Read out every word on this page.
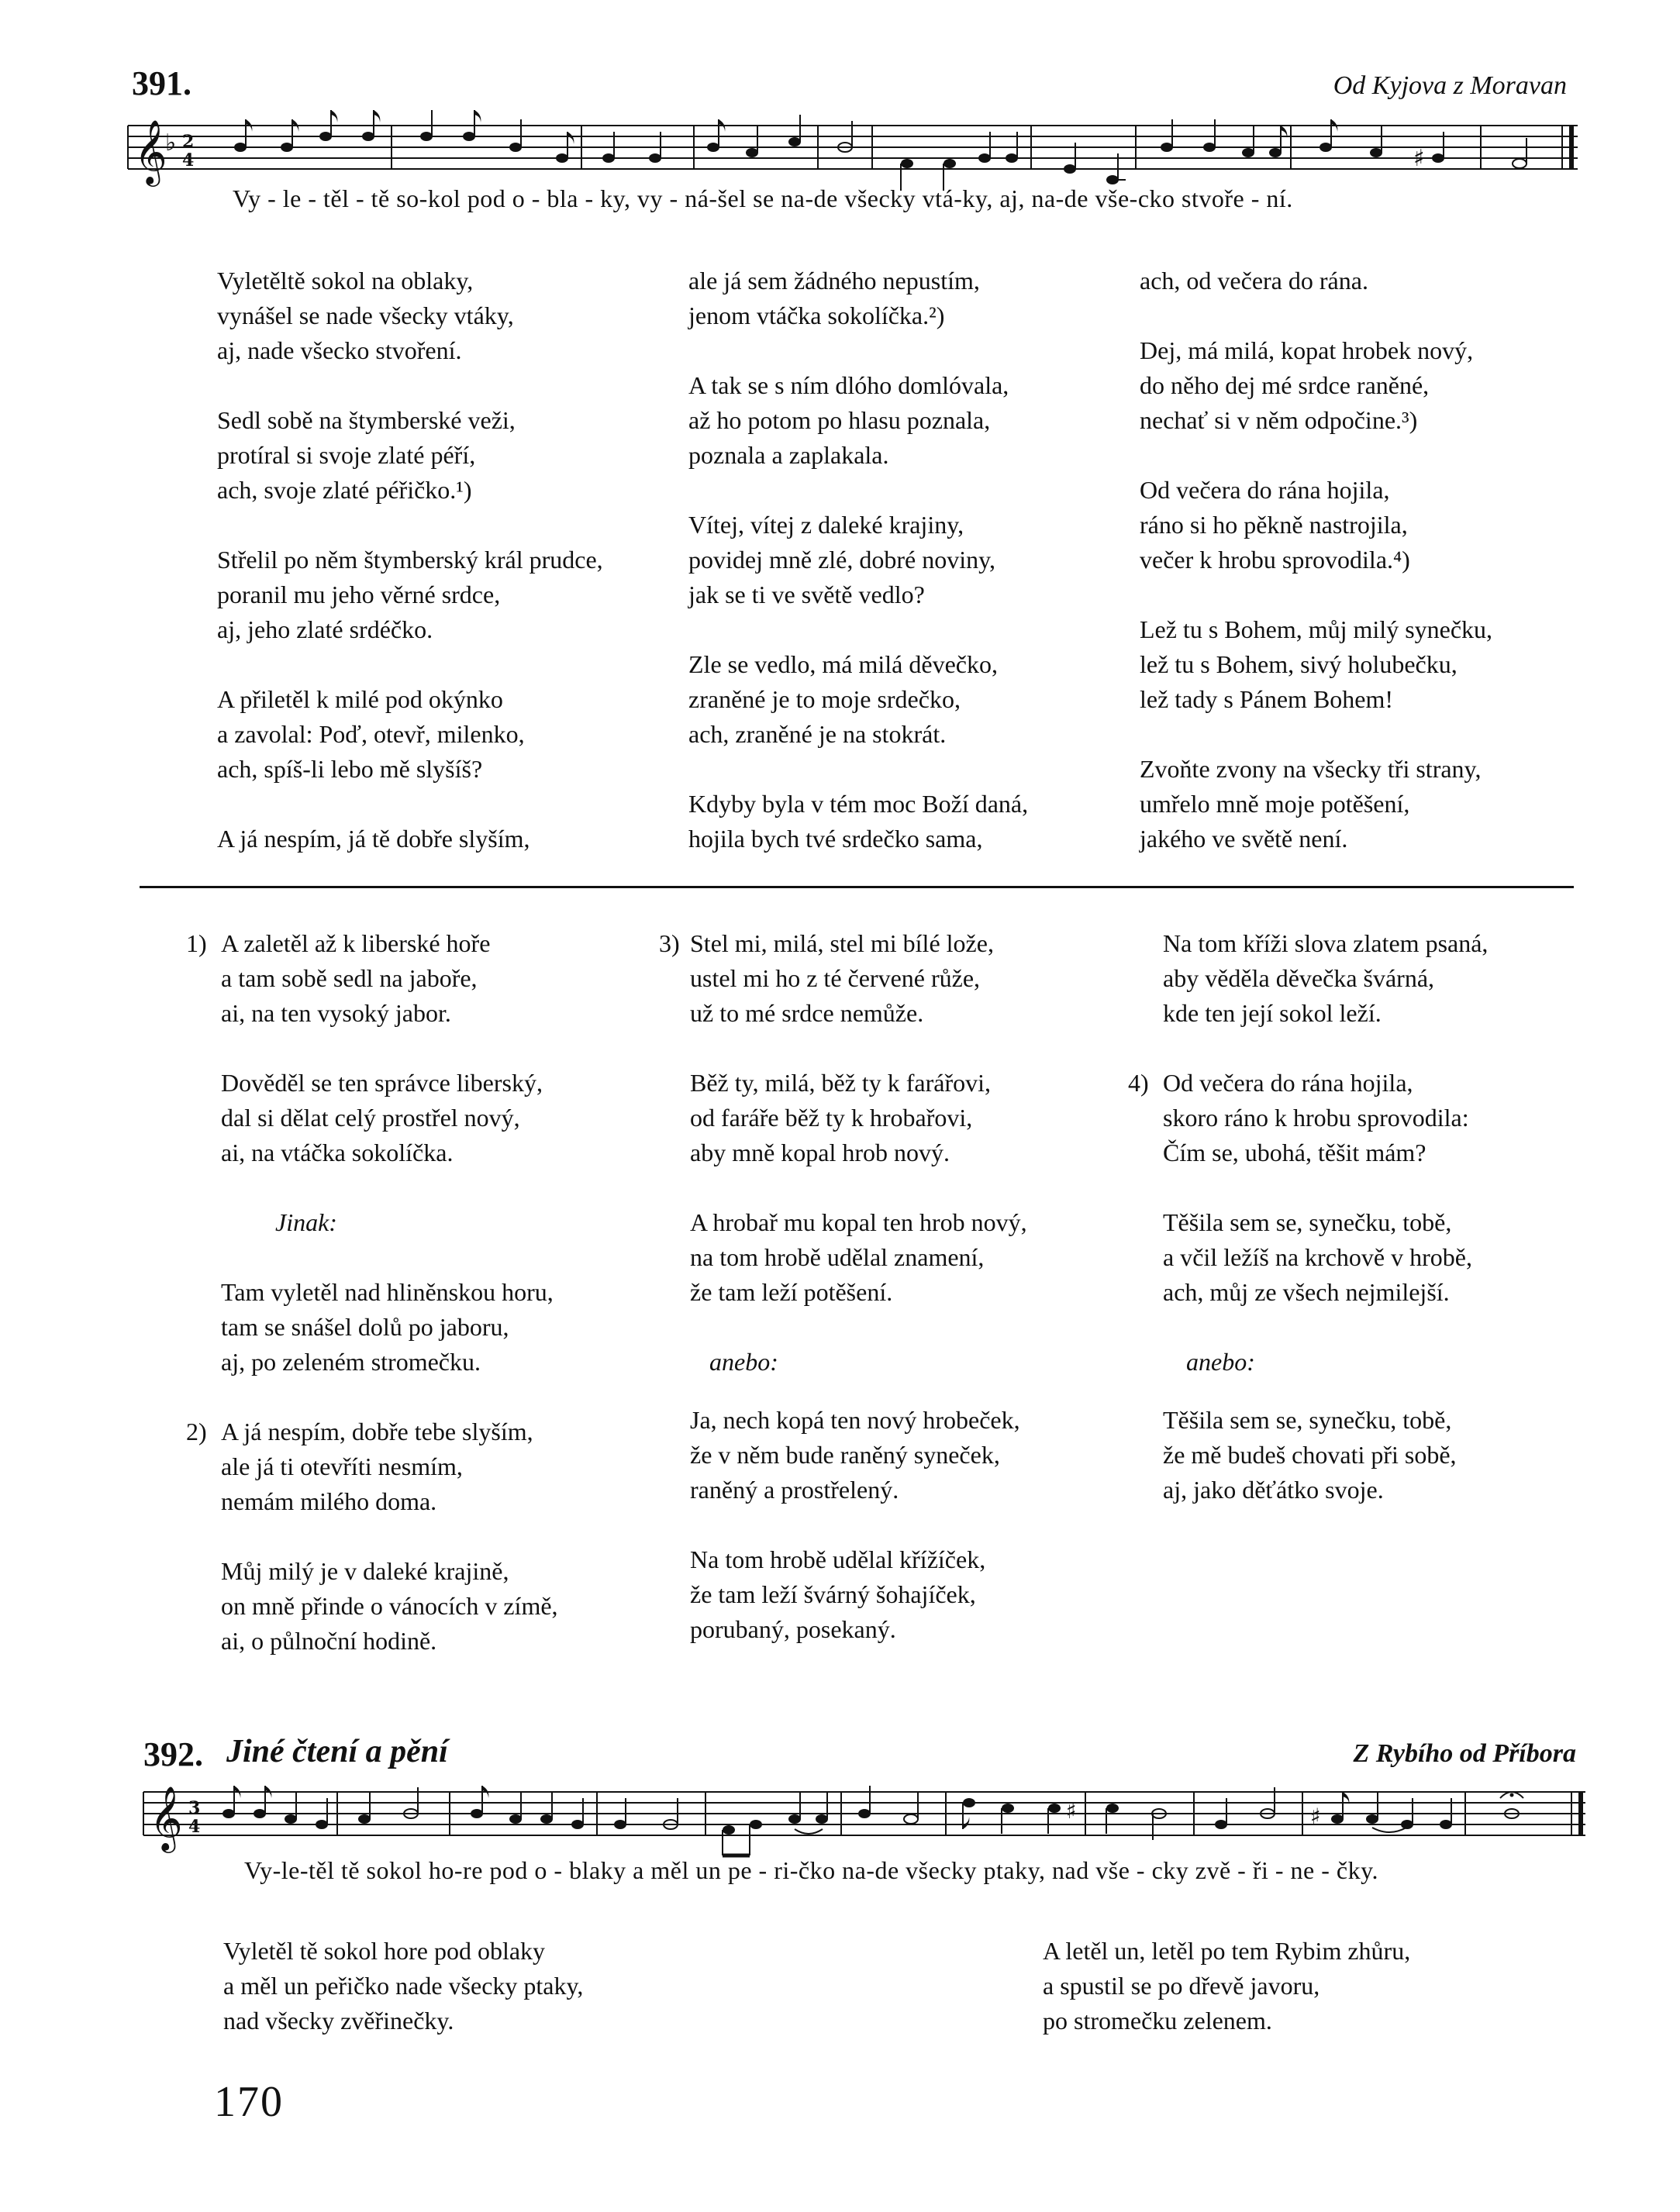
391.	Od Kyjova z Moravan
𝄞
♭ 2
4	♯
Vy - le - těl - tě so-kol pod o - bla - ky, vy - ná-šel se na-de všecky vtá-ky, aj, na-de vše-cko stvoře - ní.
Vyletěltě sokol na oblaky,
vynášel se nade všecky vtáky,
aj, nade všecko stvoření.
Sedl sobě na štymberské veži,
protíral si svoje zlaté péří,
ach, svoje zlaté péřičko.¹)
Střelil po něm štymberský král prudce,
poranil mu jeho věrné srdce,
aj, jeho zlaté srdéčko.
A přiletěl k milé pod okýnko
a zavolal: Poď, otevř, milenko,
ach, spíš-li lebo mě slyšíš?
A já nespím, já tě dobře slyším,
ale já sem žádného nepustím,
jenom vtáčka sokolíčka.²)
A tak se s ním dlóho domlóvala,
až ho potom po hlasu poznala,
poznala a zaplakala.
Vítej, vítej z daleké krajiny,
povidej mně zlé, dobré noviny,
jak se ti ve světě vedlo?
Zle se vedlo, má milá děvečko,
zraněné je to moje srdečko,
ach, zraněné je na stokrát.
Kdyby byla v tém moc Boží daná,
hojila bych tvé srdečko sama,
ach, od večera do rána.
Dej, má milá, kopat hrobek nový,
do něho dej mé srdce raněné,
nechať si v něm odpočine.³)
Od večera do rána hojila,
ráno si ho pěkně nastrojila,
večer k hrobu sprovodila.⁴)
Lež tu s Bohem, můj milý synečku,
lež tu s Bohem, sivý holubečku,
lež tady s Pánem Bohem!
Zvoňte zvony na všecky tři strany,
umřelo mně moje potěšení,
jakého ve světě není.
1) A zaletěl až k liberské hoře
a tam sobě sedl na jaboře,
ai, na ten vysoký jabor.
Dověděl se ten správce liberský,
dal si dělat celý prostřel nový,
ai, na vtáčka sokolíčka.
Jinak:
Tam vyletěl nad hliněnskou horu,
tam se snášel dolů po jaboru,
aj, po zeleném stromečku.
2) A já nespím, dobře tebe slyším,
ale já ti otevříti nesmím,
nemám milého doma.
Můj milý je v daleké krajině,
on mně přinde o vánocích v zímě,
ai, o půlnoční hodině.
3) Stel mi, milá, stel mi bílé lože,
ustel mi ho z té červené růže,
už to mé srdce nemůže.
Běž ty, milá, běž ty k farářovi,
od faráře běž ty k hrobařovi,
aby mně kopal hrob nový.
A hrobař mu kopal ten hrob nový,
na tom hrobě udělal znamení,
že tam leží potěšení.
anebo:
Ja, nech kopá ten nový hrobeček,
že v něm bude raněný syneček,
raněný a prostřelený.
Na tom hrobě udělal křížíček,
že tam leží švárný šohajíček,
porubaný, posekaný.
Na tom kříži slova zlatem psaná,
aby věděla děvečka švárná,
kde ten její sokol leží.
4) Od večera do rána hojila,
skoro ráno k hrobu sprovodila:
Čím se, ubohá, těšit mám?
Těšila sem se, synečku, tobě,
a včil ležíš na krchově v hrobě,
ach, můj ze všech nejmilejší.
anebo:
Těšila sem se, synečku, tobě,
že mě budeš chovati při sobě,
aj, jako děťátko svoje.
392. Jiné čtení a pění	Z Rybího od Příbora
𝄞 3
4
♯	♯
Vy-le-těl tě sokol ho-re pod o - blaky a měl un pe - ri-čko na-de všecky ptaky, nad vše - cky zvě - ři - ne - čky.
Vyletěl tě sokol hore pod oblaky
a měl un peřičko nade všecky ptaky,
nad všecky zvěřinečky.
A letěl un, letěl po tem Rybim zhůru,
a spustil se po dřevě javoru,
po stromečku zelenem.
170
